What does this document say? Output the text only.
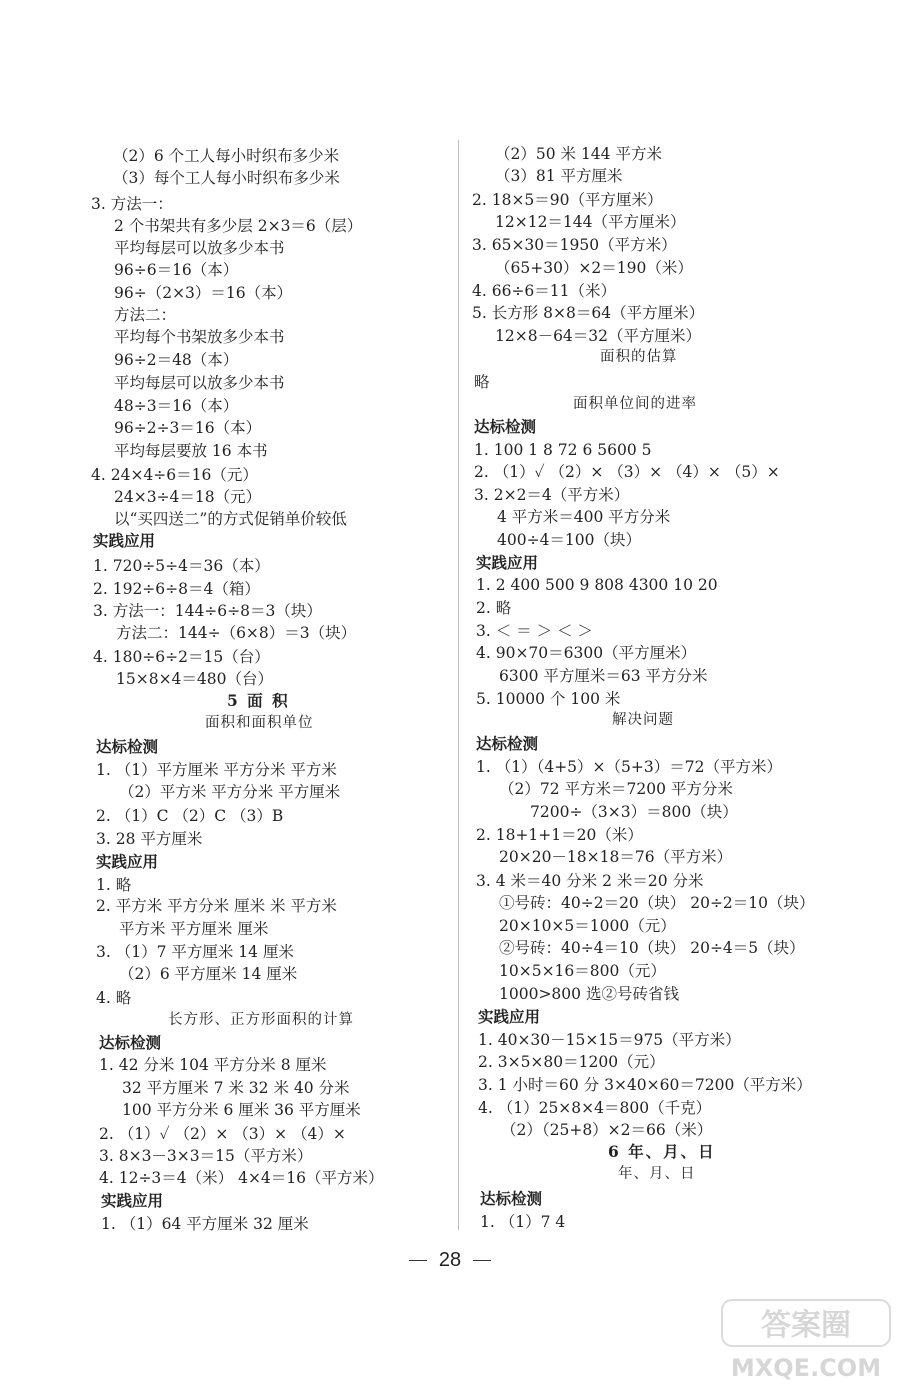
（2）6 个工人每小时织布多少米
（3）每个工人每小时织布多少米
3. 方法一：
2 个书架共有多少层 2×3＝6（层）
平均每层可以放多少本书
96÷6＝16（本）
96÷（2×3）＝16（本）
方法二：
平均每个书架放多少本书
96÷2＝48（本）
平均每层可以放多少本书
48÷3＝16（本）
96÷2÷3＝16（本）
平均每层要放 16 本书
4. 24×4÷6＝16（元）
24×3÷4＝18（元）
以“买四送二”的方式促销单价较低
实践应用
1. 720÷5÷4＝36（本）
2. 192÷6÷8＝4（箱）
3. 方法一：144÷6÷8＝3（块）
方法二：144÷（6×8）＝3（块）
4. 180÷6÷2＝15（台）
15×8×4＝480（台）
5 面 积
面积和面积单位
达标检测
1. （1）平方厘米 平方分米 平方米
（2）平方米 平方分米 平方厘米
2. （1）C （2）C （3）B
3. 28 平方厘米
实践应用
1. 略
2. 平方米 平方分米 厘米 米 平方米
平方米 平方厘米 厘米
3. （1）7 平方厘米 14 厘米
（2）6 平方厘米 14 厘米
4. 略
长方形、正方形面积的计算
达标检测
1. 42 分米 104 平方分米 8 厘米
32 平方厘米 7 米 32 米 40 分米
100 平方分米 6 厘米 36 平方厘米
2. （1）✓ （2）× （3）× （4）×
3. 8×3－3×3＝15（平方米）
4. 12÷3＝4（米） 4×4＝16（平方米）
实践应用
1. （1）64 平方厘米 32 厘米
（2）50 米 144 平方米
（3）81 平方厘米
2. 18×5＝90（平方厘米）
12×12＝144（平方厘米）
3. 65×30＝1950（平方米）
（65+30）×2＝190（米）
4. 66÷6＝11（米）
5. 长方形 8×8＝64（平方厘米）
12×8－64＝32（平方厘米）
面积的估算
略
面积单位间的进率
达标检测
1. 100 1 8 72 6 5600 5
2. （1）✓ （2）× （3）× （4）× （5）×
3. 2×2＝4（平方米）
4 平方米＝400 平方分米
400÷4＝100（块）
实践应用
1. 2 400 500 9 808 4300 10 20
2. 略
3. ＜ ＝ ＞ ＜ ＞
4. 90×70＝6300（平方厘米）
6300 平方厘米＝63 平方分米
5. 10000 个 100 米
解决问题
达标检测
1. （1）（4+5）×（5+3）＝72（平方米）
（2）72 平方米＝7200 平方分米
7200÷（3×3）＝800（块）
2. 18+1+1＝20（米）
20×20－18×18＝76（平方米）
3. 4 米＝40 分米 2 米＝20 分米
①号砖：40÷2＝20（块） 20÷2＝10（块）
20×10×5＝1000（元）
②号砖：40÷4＝10（块） 20÷4＝5（块）
10×5×16＝800（元）
1000>800 选②号砖省钱
实践应用
1. 40×30－15×15＝975（平方米）
2. 3×5×80＝1200（元）
3. 1 小时＝60 分 3×40×60＝7200（平方米）
4. （1）25×8×4＝800（千克）
（2）（25+8）×2＝66（米）
6 年、月、日
年、月、日
达标检测
1. （1）7 4
28
答案圈
MXQE.COM
